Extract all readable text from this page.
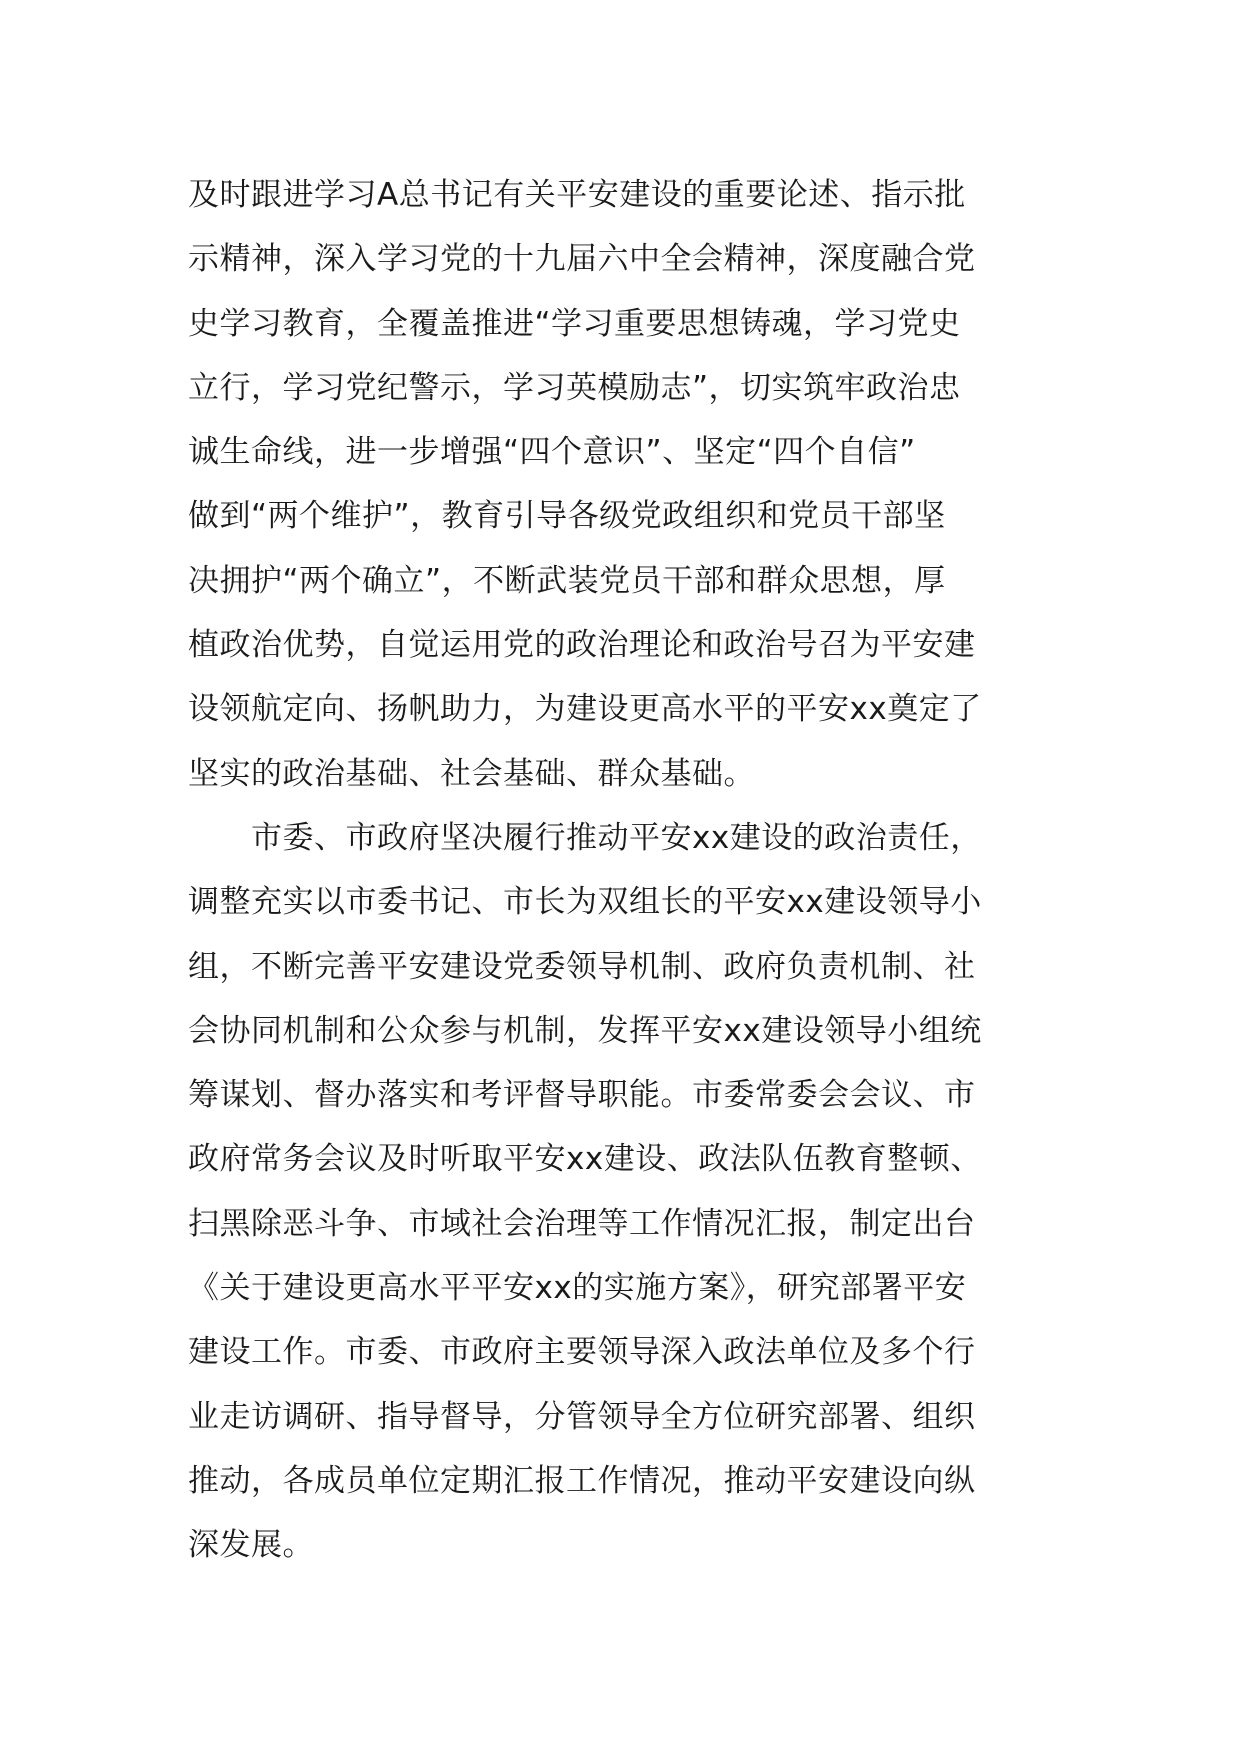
及时跟进学习A总书记有关平安建设的重要论述、指示批
示精神，深入学习党的十九届六中全会精神，深度融合党
史学习教育，全覆盖推进“学习重要思想铸魂，学习党史
立行，学习党纪警示，学习英模励志”，切实筑牢政治忠
诚生命线，进一步增强“四个意识”、坚定“四个自信”
做到“两个维护”，教育引导各级党政组织和党员干部坚
决拥护“两个确立”，不断武装党员干部和群众思想，厚
植政治优势，自觉运用党的政治理论和政治号召为平安建
设领航定向、扬帆助力，为建设更高水平的平安xx奠定了
坚实的政治基础、社会基础、群众基础。
　　市委、市政府坚决履行推动平安xx建设的政治责任，
调整充实以市委书记、市长为双组长的平安xx建设领导小
组，不断完善平安建设党委领导机制、政府负责机制、社
会协同机制和公众参与机制，发挥平安xx建设领导小组统
筹谋划、督办落实和考评督导职能。市委常委会会议、市
政府常务会议及时听取平安xx建设、政法队伍教育整顿、
扫黑除恶斗争、市域社会治理等工作情况汇报，制定出台
《关于建设更高水平平安xx的实施方案》，研究部署平安
建设工作。市委、市政府主要领导深入政法单位及多个行
业走访调研、指导督导，分管领导全方位研究部署、组织
推动，各成员单位定期汇报工作情况，推动平安建设向纵
深发展。
